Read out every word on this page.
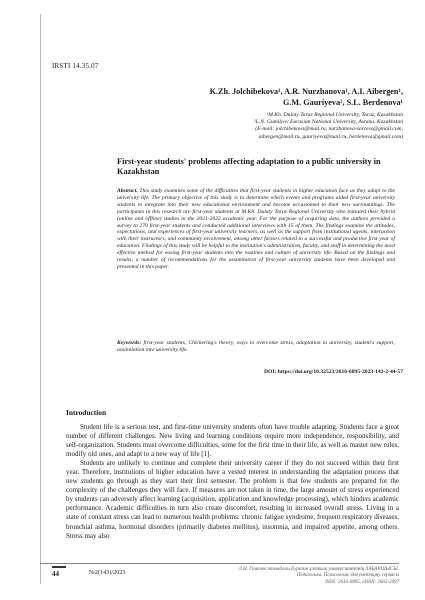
IRSTI 14.35.07
K.Zh. Jolchibekova¹, A.R. Nurzhanova¹, A.I. Aibergen¹,
G.M. Gauriyeva², S.L. Berdenova¹
¹M.Kh. Dulaty Taraz Regional University, Taraz, Kazakhstan
²L.N. Gumilyov Eurasian National University, Astana, Kazakhstan
(E-mail: jolchibekova@mail.ru, nurzhanova-sorcess@gmail.com,
aibergen@mail.ru, gauriyeva@mail.ru, berdenova@gmail.com)
First-year students' problems affecting adaptation to a public university in Kazakhstan
Abstract. This study examines some of the difficulties that first-year students in higher education face as they adapt to the university life. The primary objective of this study is to determine which events and programs aided first-year university students to integrate into their new educational environment and become accustomed to their new surroundings. The participants in this research are first-year students at M.Kh. Dulaty Taraz Regional University who initiated their hybrid (online and offline) studies in the 2021-2022 academic year. For the purpose of acquiring data, the authors provided a survey to 270 first-year students and conducted additional interviews with 15 of them. The findings examine the attitudes, expectations, and experiences of first-year university learners, as well as the support from institutional agents, interaction with their instructors, and community involvement, among other factors related to a successful and productive first year of education. Findings of this study will be helpful to the institution's administration, faculty, and staff in determining the most effective method for easing first-year students into the routines and culture of university life. Based on the findings and results, a number of recommendations for the assimilation of first-year university students have been developed and presented in this paper.
Keywords: first-year students, Chickering's theory, ways to overcome stress, adaptation to university, student's support, assimilation into university life.
DOI: https://doi.org/10.32523/2616-6895-2023-143-2-44-57
Introduction

Student life is a serious test, and first-time university students often have trouble adapting. Students face a great number of different challenges. New living and learning conditions require more independence, responsibility, and self-organization. Students must overcome difficulties, some for the first time in their life, as well as master new rules, modify old ones, and adapt to a new way of life [1].

Students are unlikely to continue and complete their university career if they do not succeed within their first year. Therefore, institutions of higher education have a vested interest in understanding the adaptation process that new students go through as they start their first semester. The problem is that few students are prepared for the complexity of the challenges they will face. If measures are not taken in time, the large amount of stress experienced by students can adversely affect learning (acquisition, application and knowledge processing), which hinders academic performance. Academic difficulties in turn also create discomfort, resulting in increased overall stress. Living in a state of constant stress can lead to numerous health problems: chronic fatigue syndrome, frequent respiratory diseases, bronchial asthma, hormonal disorders (primarily diabetes mellitus), insomnia, and impaired appetite, among others. Stress may also

44	№2(143)/2023	Л.Н. Гумилев атындағы Еуразия ұлттық университетінің ХАБАРШЫСЫ.
Педагогика. Психология. Әлеуметтану сериясы
ISSN: 2616-6895, eISSN: 2663-2497
